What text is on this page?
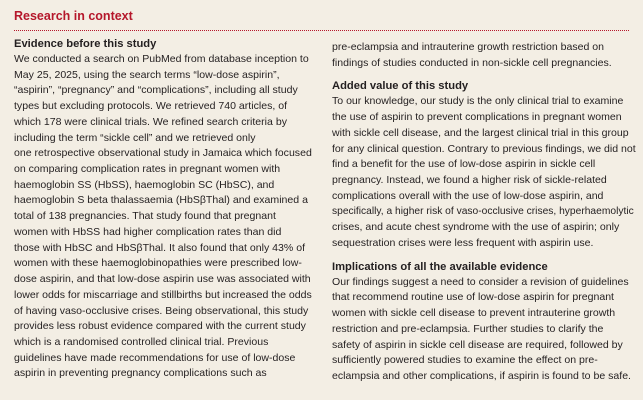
Research in context
Evidence before this study
We conducted a search on PubMed from database inception to
May 25, 2025, using the search terms “low-dose aspirin”,
“aspirin”, “pregnancy” and “complications”, including all study
types but excluding protocols. We retrieved 740 articles, of
which 178 were clinical trials. We refined search criteria by
including the term “sickle cell” and we retrieved only
one retrospective observational study in Jamaica which focused
on comparing complication rates in pregnant women with
haemoglobin SS (HbSS), haemoglobin SC (HbSC), and
haemoglobin S beta thalassaemia (HbSβThal) and examined a
total of 138 pregnancies. That study found that pregnant
women with HbSS had higher complication rates than did
those with HbSC and HbSβThal. It also found that only 43% of
women with these haemoglobinopathies were prescribed low-
dose aspirin, and that low-dose aspirin use was associated with
lower odds for miscarriage and stillbirths but increased the odds
of having vaso-occlusive crises. Being observational, this study
provides less robust evidence compared with the current study
which is a randomised controlled clinical trial. Previous
guidelines have made recommendations for use of low-dose
aspirin in preventing pregnancy complications such as
pre-eclampsia and intrauterine growth restriction based on
findings of studies conducted in non-sickle cell pregnancies.
Added value of this study
To our knowledge, our study is the only clinical trial to examine
the use of aspirin to prevent complications in pregnant women
with sickle cell disease, and the largest clinical trial in this group
for any clinical question. Contrary to previous findings, we did not
find a benefit for the use of low-dose aspirin in sickle cell
pregnancy. Instead, we found a higher risk of sickle-related
complications overall with the use of low-dose aspirin, and
specifically, a higher risk of vaso-occlusive crises, hyperhaemolytic
crises, and acute chest syndrome with the use of aspirin; only
sequestration crises were less frequent with aspirin use.
Implications of all the available evidence
Our findings suggest a need to consider a revision of guidelines
that recommend routine use of low-dose aspirin for pregnant
women with sickle cell disease to prevent intrauterine growth
restriction and pre-eclampsia. Further studies to clarify the
safety of aspirin in sickle cell disease are required, followed by
sufficiently powered studies to examine the effect on pre-
eclampsia and other complications, if aspirin is found to be safe.
